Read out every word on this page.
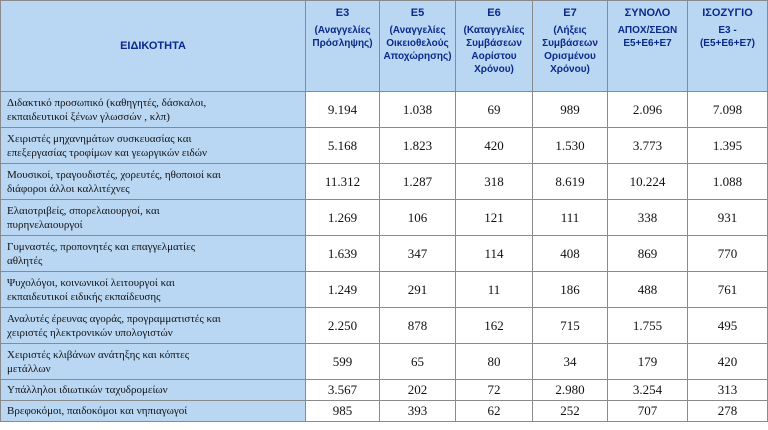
ΕΙΔΙΚΟΤΗΤΑ	Ε3
(Αναγγελίες
Πρόσληψης)	Ε5
(Αναγγελίες
Οικειοθελούς
Αποχώρησης)	Ε6
(Καταγγελίες
Συμβάσεων
Αορίστου
Χρόνου)	Ε7
(Λήξεις
Συμβάσεων
Ορισμένου
Χρόνου)	ΣΥΝΟΛΟ
ΑΠΟΧ/ΣΕΩΝ
Ε5+Ε6+Ε7	ΙΣΟΖΥΓΙΟ
Ε3 -
(Ε5+Ε6+Ε7)

Διδακτικό προσωπικό (καθηγητές, δάσκαλοι,
εκπαιδευτικοί ξένων γλωσσών , κλπ)	9.194	1.038	69	989	2.096	7.098

Χειριστές μηχανημάτων συσκευασίας και
επεξεργασίας τροφίμων και γεωργικών ειδών	5.168	1.823	420	1.530	3.773	1.395

Μουσικοί, τραγουδιστές, χορευτές, ηθοποιοί και
διάφοροι άλλοι καλλιτέχνες	11.312	1.287	318	8.619	10.224	1.088

Ελαιοτριβείς, σπορελαιουργοί, και
πυρηνελαιουργοί	1.269	106	121	111	338	931

Γυμναστές, προπονητές και επαγγελματίες
αθλητές	1.639	347	114	408	869	770

Ψυχολόγοι, κοινωνικοί λειτουργοί και
εκπαιδευτικοί ειδικής εκπαίδευσης	1.249	291	11	186	488	761

Αναλυτές έρευνας αγοράς, προγραμματιστές και
χειριστές ηλεκτρονικών υπολογιστών	2.250	878	162	715	1.755	495

Χειριστές κλιβάνων ανάτηξης και κόπτες
μετάλλων	599	65	80	34	179	420

Υπάλληλοι ιδιωτικών ταχυδρομείων	3.567	202	72	2.980	3.254	313

Βρεφοκόμοι, παιδοκόμοι και νηπιαγωγοί	985	393	62	252	707	278
